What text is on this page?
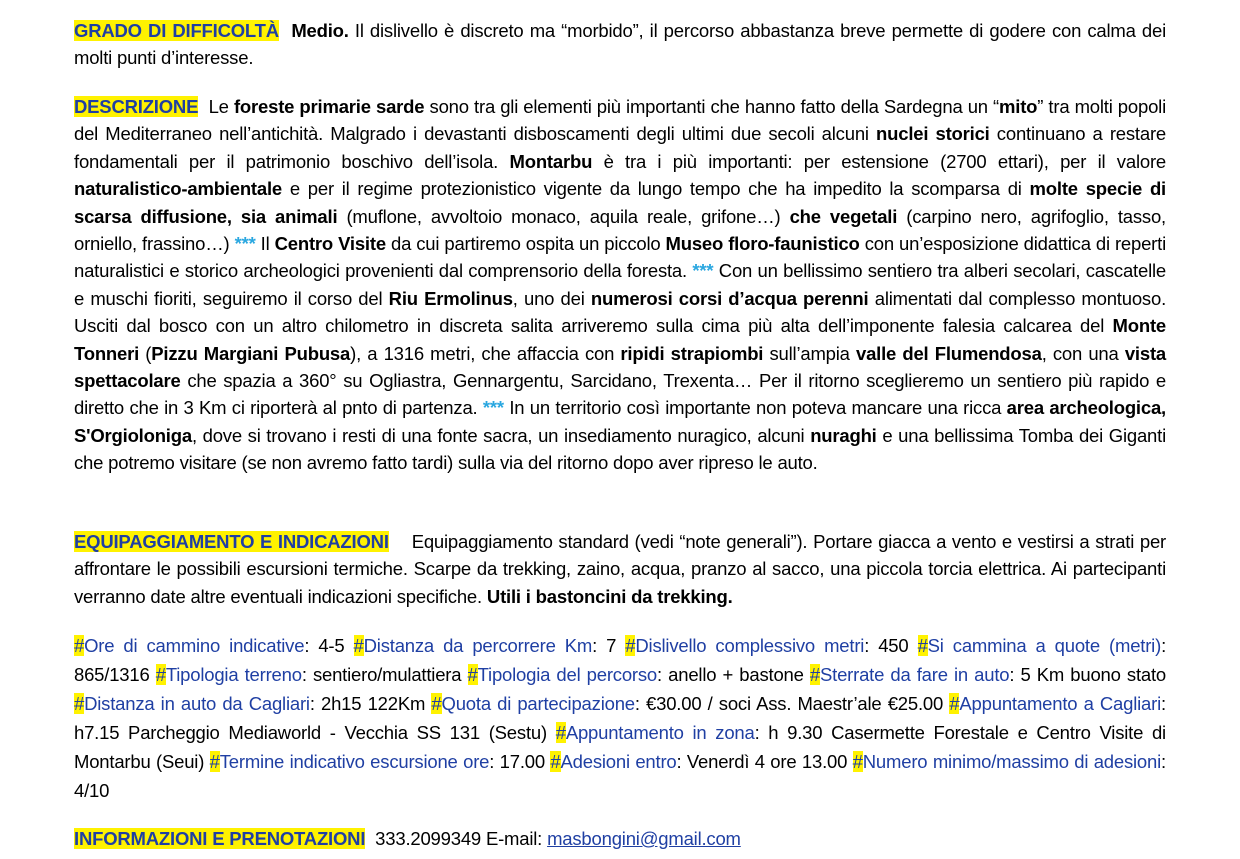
GRADO DI DIFFICOLTÀ Medio. Il dislivello è discreto ma “morbido”, il percorso abbastanza breve permette di godere con calma dei molti punti d’interesse.
DESCRIZIONE Le foreste primarie sarde sono tra gli elementi più importanti che hanno fatto della Sardegna un “mito” tra molti popoli del Mediterraneo nell’antichità. Malgrado i devastanti disboscamenti degli ultimi due secoli alcuni nuclei storici continuano a restare fondamentali per il patrimonio boschivo dell’isola. Montarbu è tra i più importanti: per estensione (2700 ettari), per il valore naturalistico-ambientale e per il regime protezionistico vigente da lungo tempo che ha impedito la scomparsa di molte specie di scarsa diffusione, sia animali (muflone, avvoltoio monaco, aquila reale, grifone…) che vegetali (carpino nero, agrifoglio, tasso, orniello, frassino…) *** Il Centro Visite da cui partiremo ospita un piccolo Museo floro-faunistico con un’esposizione didattica di reperti naturalistici e storico archeologici provenienti dal comprensorio della foresta. *** Con un bellissimo sentiero tra alberi secolari, cascatelle e muschi fioriti, seguiremo il corso del Riu Ermolinus, uno dei numerosi corsi d’acqua perenni alimentati dal complesso montuoso. Usciti dal bosco con un altro chilometro in discreta salita arriveremo sulla cima più alta dell’imponente falesia calcarea del Monte Tonneri (Pizzu Margiani Pubusa), a 1316 metri, che affaccia con ripidi strapiombi sull’ampia valle del Flumendosa, con una vista spettacolare che spazia a 360° su Ogliastra, Gennargentu, Sarcidano, Trexenta… Per il ritorno sceglieremo un sentiero più rapido e diretto che in 3 Km ci riporterà al pnto di partenza. *** In un territorio così importante non poteva mancare una ricca area archeologica, S'Orgioloniga, dove si trovano i resti di una fonte sacra, un insediamento nuragico, alcuni nuraghi e una bellissima Tomba dei Giganti che potremo visitare (se non avremo fatto tardi) sulla via del ritorno dopo aver ripreso le auto.
EQUIPAGGIAMENTO E INDICAZIONI Equipaggiamento standard (vedi “note generali”). Portare giacca a vento e vestirsi a strati per affrontare le possibili escursioni termiche. Scarpe da trekking, zaino, acqua, pranzo al sacco, una piccola torcia elettrica. Ai partecipanti verranno date altre eventuali indicazioni specifiche. Utili i bastoncini da trekking.
#Ore di cammino indicative: 4-5 #Distanza da percorrere Km: 7 #Dislivello complessivo metri: 450 #Si cammina a quote (metri): 865/1316 #Tipologia terreno: sentiero/mulattiera #Tipologia del percorso: anello + bastone #Sterrate da fare in auto: 5 Km buono stato #Distanza in auto da Cagliari: 2h15 122Km #Quota di partecipazione: €30.00 / soci Ass. Maestr’ale €25.00 #Appuntamento a Cagliari: h7.15 Parcheggio Mediaworld - Vecchia SS 131 (Sestu) #Appuntamento in zona: h 9.30 Casermette Forestale e Centro Visite di Montarbu (Seui) #Termine indicativo escursione ore: 17.00 #Adesioni entro: Venerdì 4 ore 13.00 #Numero minimo/massimo di adesioni: 4/10
INFORMAZIONI E PRENOTAZIONI 333.2099349 E-mail: masbongini@gmail.com
